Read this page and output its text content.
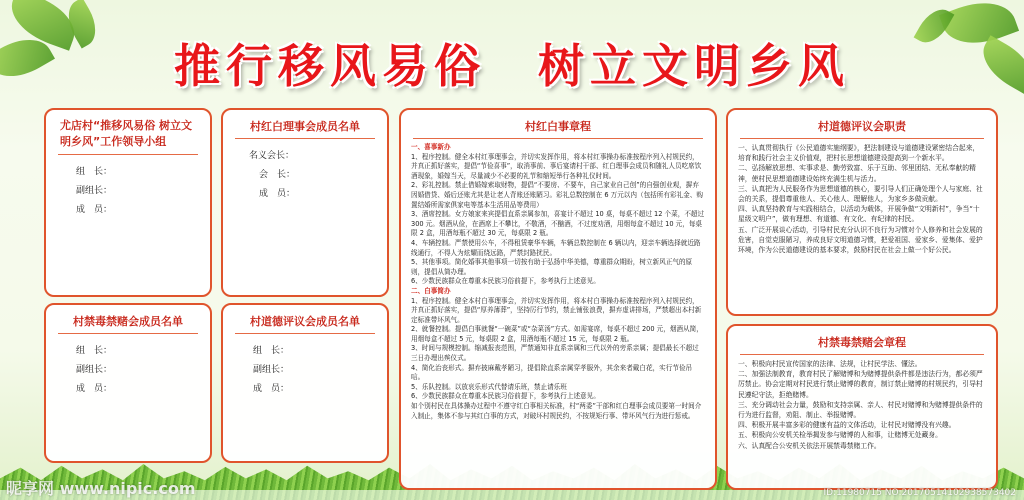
推行移风易俗　树立文明乡风
尤店村“推移风易俗 树立文明乡风”工作领导小组
组　长：
副组长：
成　员：
村红白理事会成员名单
名义会长：
会　长：
成　员：
村禁毒禁赌会成员名单
组　长：
副组长：
成　员：
村道德评议会成员名单
组　长：
副组长：
成　员：
村红白事章程

一、喜事新办

1、程序控制。健全本村红事理事会，并切实发挥作用，将本村红事操办标准按程序列入村规民约，并真正抓好落实，提倡“节俭喜事”，取消事前、事后宴请村干部、红白理事会成员和随礼人员吃席饮酒现象，婚嫁当天，尽量减少不必要的礼节和缩短举行各种礼仪时间。

2、彩礼控制。禁止借婚嫁索取财物，提倡“不要房、不要车，自己家业自己创”的自强创业观，摒弃因婚借贷、婚后还账尤其是让老人背账还账陋习。彩礼总数控制在 6 万元以内（包括所有彩礼金、购置结婚所需家俱家电等基本生活用品等费用）

3、酒席控制。女方娘家来宾提倡直系亲属参加，喜宴计不超过 10 桌，每桌不超过 12 个菜，不超过 300 元。烟酒从俭，在酒席上不攀比，不敬酒，不酗酒，不过度劝酒，用烟每盒不超过 10 元，每桌限 2 盒，用酒每瓶不超过 30 元，每桌限 2 瓶。

4、车辆控制。严禁使用公车，不得租赁豪华车辆，车辆总数控制在 6 辆以内，迎亲车辆选择就近路线通行，不得人为炫耀而绕远路，严禁封路扰民。

5、其他事项。简化婚事其他事项一切按有助于弘扬中华美德，尊重群众期盼，树立新风正气的原则，提倡从简办理。

6、少数民族群众在尊重本民族习俗前提下，参考执行上述意见。

二、白事简办

1、程序控制。健全本村白事理事会，并切实发挥作用，将本村白事操办标准按程序列入村规民约，并真正抓好落实，提倡“厚养薄葬”，坚持厉行节约，禁止铺张浪费，摒弃虚讲排场，严禁超出本村新定标准带坏风气。

2、就餐控制。提倡白事就餐“一碗菜”或“杂菜汤”方式。如需宴席，每桌不超过 200 元，烟酒从简，用烟每盒不超过 5 元，每桌限 2 盒，用酒每瓶不超过 15 元，每桌限 2 瓶。

3、时间与规模控制。缩减报丧范围，严禁通知非直系亲属和三代以外的旁系亲属；提倡最长不超过三日办理出殡仪式。

4、简化治丧形式。摒弃披麻戴孝陋习，提倡除直系亲属穿孝服外，其余来者戴白花，实行节俭吊唁。

5、乐队控制。以放哀乐形式代替请乐班，禁止请乐班

6、少数民族群众在尊重本民族习俗前提下，参考执行上述意见。

如个别村民在具体操办过程中不遵守红白事相关标准，村“两委”干部和红白理事会成员要第一时间介入制止，集体不参与其红白事的方式，对破坏村规民约，不按规矩行事、带坏风气行为进行惩戒。

村道德评议会职责

一、认真贯彻执行《公民道德实施纲要》，把法制建设与道德建设紧密结合起来，培育和践行社会主义价值观，把村长思想道德建设提高到一个新水平。

二、弘扬解放思想、实事求是、勤劳致富、乐于互助、邻里团结、无私奉献的精神，使村民思想道德建设始终充满生机与活力。

三、认真把为人民服务作为思想道德的核心，要引导人们正确处理个人与家庭、社会的关系，提倡尊重他人、关心他人、理解他人，为家乡多做贡献。

四、认真坚持教育与实践相结合，以活动为载体，开展争做“文明新村”，争当“十星级文明户”，做有理想、有道德、有文化、有纪律的村民。

五、广泛开展谈心活动，引导村民充分认识不良行为习惯对个人修养和社会发展的危害，自觉克服陋习，养成良好文明道德习惯，把爱祖国、爱家乡、爱集体、爱护环境，作为公民道德建设的基本要求，鼓励村民在社会上做一个好公民。

村禁毒禁赌会章程

一、积极向村民宣传国家的法律、法规，让村民学法、懂法。

二、加强法制教育，教育村民了解赌博和为赌博提供条件都是违法行为，都必须严厉禁止。协会定期对村民进行禁止赌博的教育，制订禁止赌博的村规民约，引导村民遵纪守法，拒绝赌博。

三、充分调动社会力量，鼓励和支持亲属、亲人、村民对赌博和为赌博提供条件的行为进行监督，劝阻、制止、举报赌博。

四、积极开展丰富多彩的健康有益的文体活动，让村民对赌博没有兴趣。

五、积极向公安机关检举揭发参与赌博的人和事，让赌博无处藏身。

六、认真配合公安机关依法开展禁毒禁赌工作。

昵享网 www.nipic.com	ID:11980715 NO:20170514102938573402
